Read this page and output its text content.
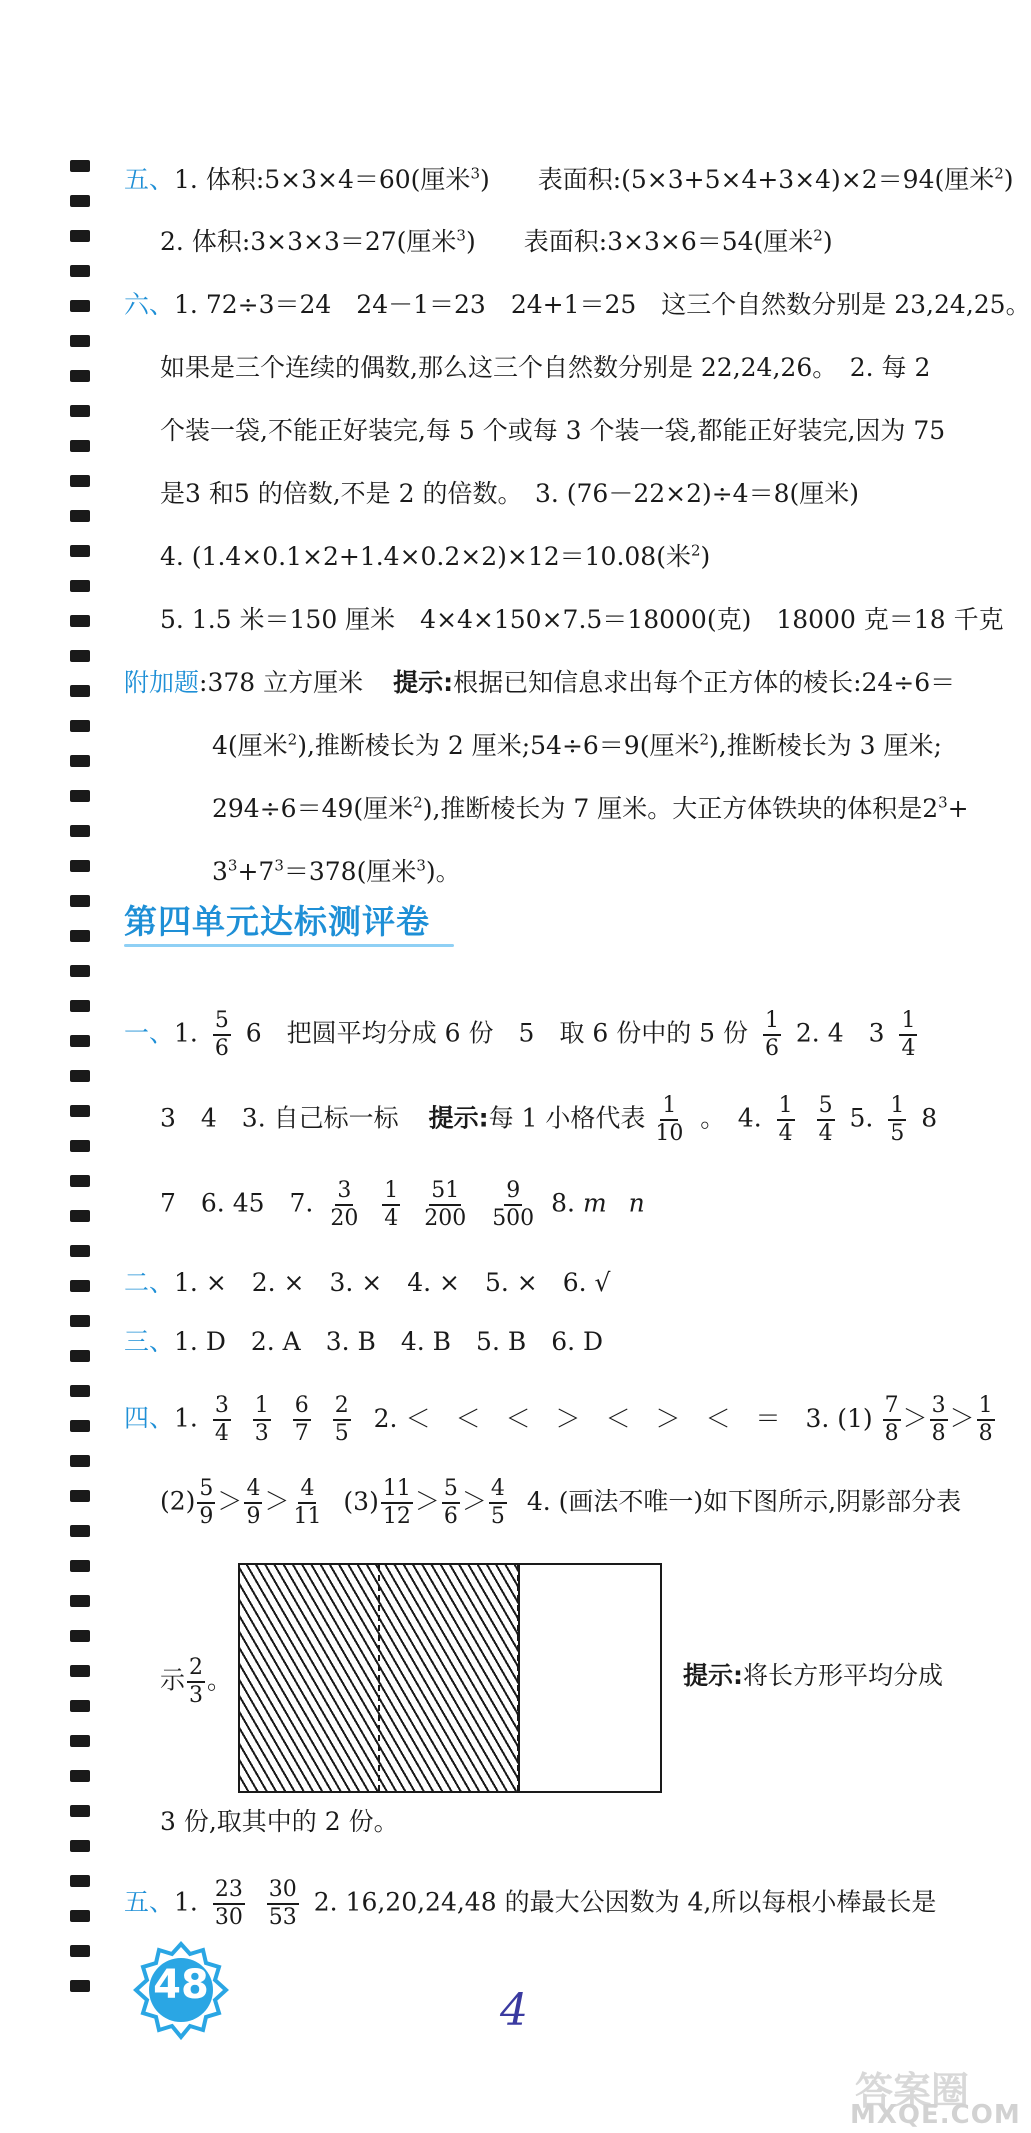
五、1. 体积:5×3×4＝60(厘米$^3$) 表面积:(5×3+5×4+3×4)×2＝94(厘米$^2$)
2. 体积:3×3×3＝27(厘米$^3$) 表面积:3×3×6＝54(厘米$^2$)
六、1. 72÷3＝24　24－1＝23　24+1＝25　这三个自然数分别是 23,24,25。
如果是三个连续的偶数,那么这三个自然数分别是 22,24,26。　2. 每 2
个装一袋,不能正好装完,每 5 个或每 3 个装一袋,都能正好装完,因为 75
是3 和5 的倍数,不是 2 的倍数。　3. (76－22×2)÷4＝8(厘米)
4. (1.4×0.1×2+1.4×0.2×2)×12＝10.08(米$^2$)
5. 1.5 米＝150 厘米　4×4×150×7.5＝18000(克)　18000 克＝18 千克
附加题:378 立方厘米 提示:根据已知信息求出每个正方体的棱长:24÷6＝
4(厘米$^2$),推断棱长为 2 厘米;54÷6＝9(厘米$^2$),推断棱长为 3 厘米;
294÷6＝49(厘米$^2$),推断棱长为 7 厘米。大正方体铁块的体积是$2^3+$
$3^3+7^3=378$(厘米$^3$)。
第四单元达标测评卷
一、1. $\frac{5}{6} 6$　把圆平均分成 6 份　5　取 6 份中的 5 份 $\frac{1}{6} 2$. 4　$3 \frac{1}{4}$
3　4　3. 自己标一标 提示:每 1 小格代表 $\frac{1}{10}$ 。　4. $\frac{1}{4}$
$\frac{5}{4} 5$. $\frac{1}{5} 8$
7　6. 45　7. $\frac{3}{20}$
$\frac{1}{4}$
$\frac{51}{200}$
$\frac{9}{500} 8$. m n
二、1. ×　2. ×　3. ×　4. ×　5. ×　6. √
三、1. D　2. A　3. B　4. B　5. B　6. D
四、1. $\frac{3}{4}$
$\frac{1}{3}$
$\frac{6}{7}$
$\frac{2}{5} 2$. ＜　＜　＜　＞　＜　＞　＜　＝　3. $(1) \frac{7}{8} > \frac{3}{8} > \frac{1}{8}$
$(2) \frac{5}{9} > \frac{4}{9} > \frac{4}{11} (3) \frac{11}{12} > \frac{5}{6} > \frac{4}{5} 4$. (画法不唯一)如下图所示,阴影部分表
示 $\frac{2}{3}$ 。	提示:将长方形平均分成
3 份,取其中的 2 份。
五、1. $\frac{23}{30}$
$\frac{30}{53} 2$. 16,20,24,48 的最大公因数为 4,所以每根小棒最长是
48	4
答案圈
MXQE.COM
